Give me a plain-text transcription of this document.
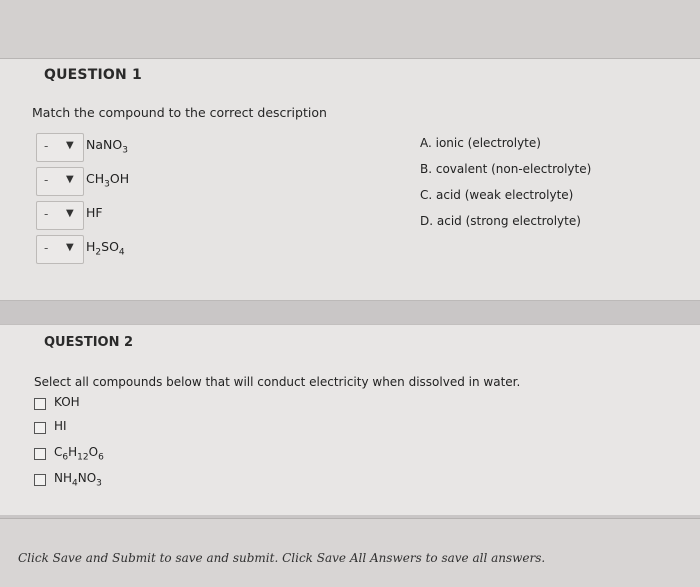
QUESTION 1
Match the compound to the correct description
- ▼ NaNO$_3$
- ▼ $CH_3OH$
- ▼ HF
- ▼ $H_2SO_4$
A. ionic (electrolyte)
B. covalent (non-electrolyte)
C. acid (weak electrolyte)
D. acid (strong electrolyte)
QUESTION 2
Select all compounds below that will conduct electricity when dissolved in water.
KOH
HI
$C_6H_{12}O_6$
$NH_4NO_3$
Click Save and Submit to save and submit. Click Save All Answers to save all answers.
